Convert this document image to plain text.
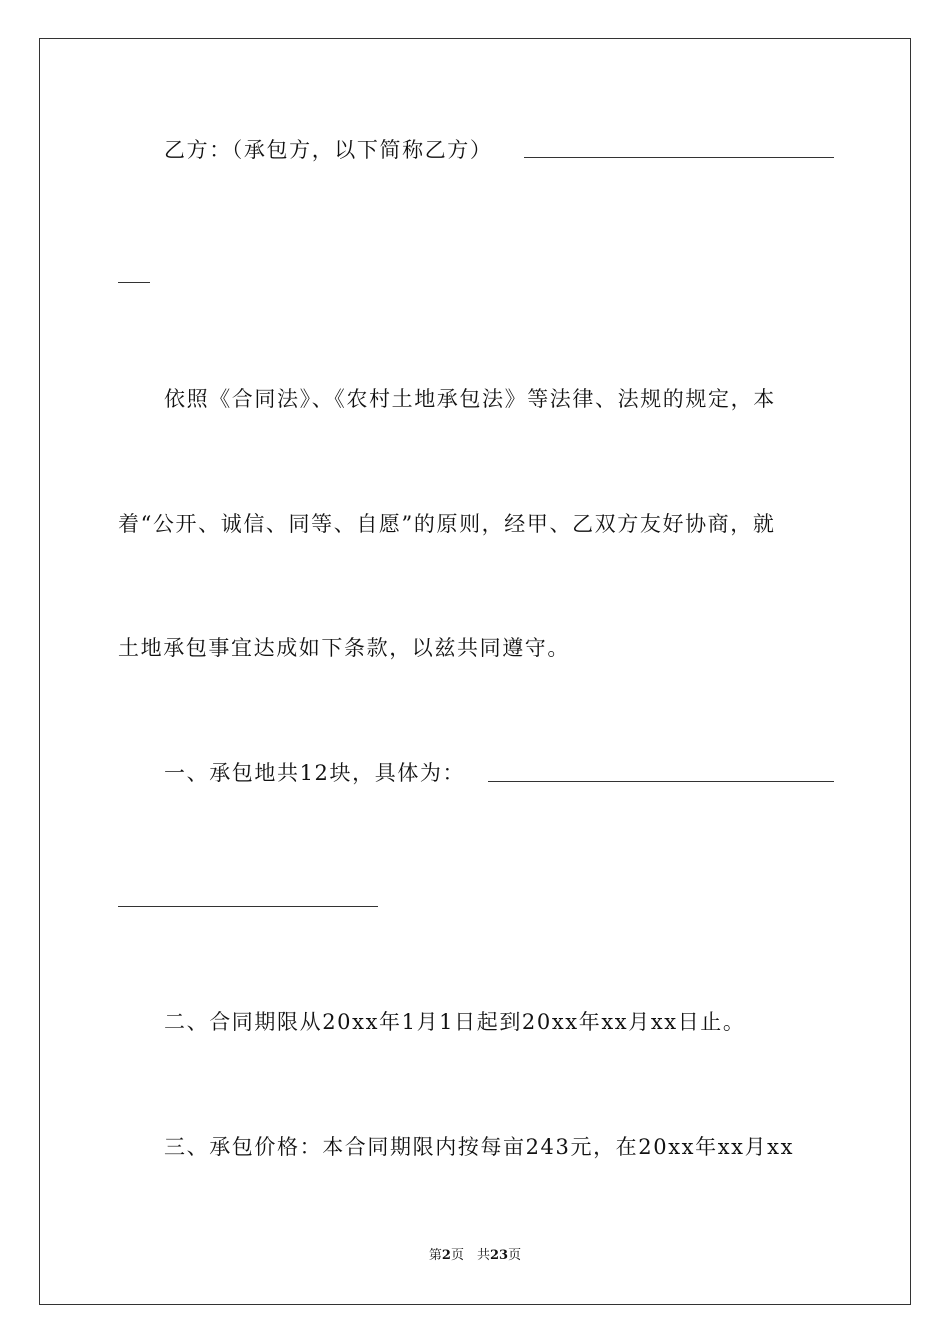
乙方：（承包方，以下简称乙方）
依照《合同法》、《农村土地承包法》等法律、法规的规定，本
着“公开、诚信、同等、自愿”的原则，经甲、乙双方友好协商，就
土地承包事宜达成如下条款，以兹共同遵守。
一、承包地共12块，具体为：
二、合同期限从20xx年1月1日起到20xx年xx月xx日止。
三、承包价格：本合同期限内按每亩243元，在20xx年xx月xx
第2页　共23页
